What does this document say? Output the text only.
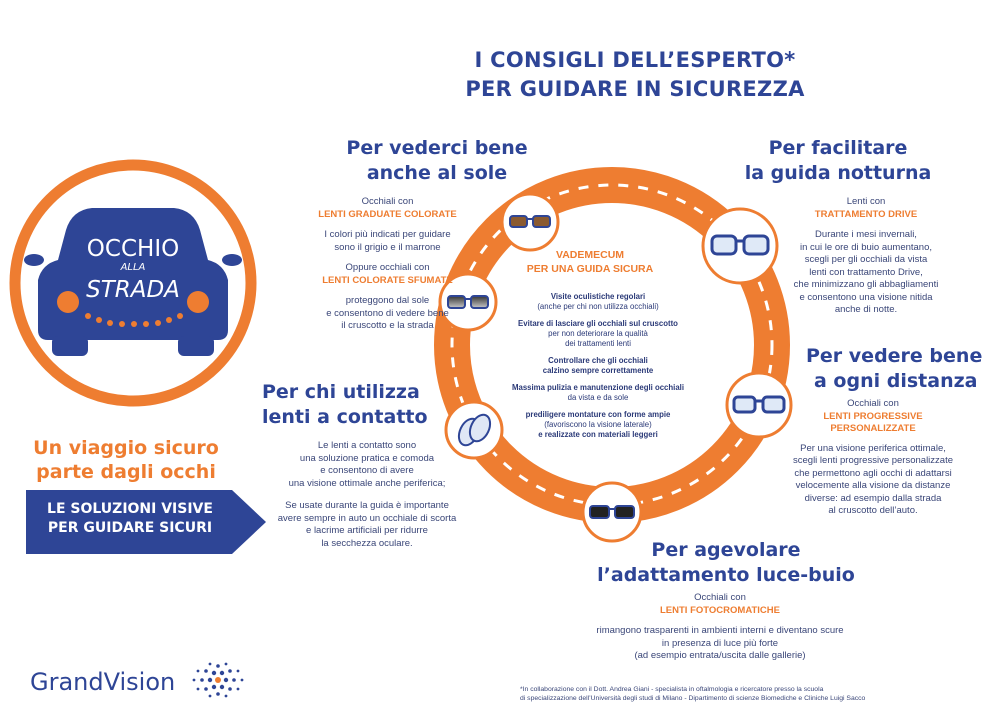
I CONSIGLI DELL’ESPERTO*
PER GUIDARE IN SICUREZZA
OCCHIO
ALLA
STRADA
Un viaggio sicuro
parte dagli occhi
LE SOLUZIONI VISIVE
PER GUIDARE SICURI
GrandVision
VADEMECUM
PER UNA GUIDA SICURA
Visite oculistiche regolari
(anche per chi non utilizza occhiali)
Evitare di lasciare gli occhiali sul cruscotto
per non deteriorare la qualità
dei trattamenti lenti
Controllare che gli occhiali
calzino sempre correttamente
Massima pulizia e manutenzione degli occhiali
da vista e da sole
prediligere montature con forme ampie
(favoriscono la visione laterale)
e realizzate con materiali leggeri
Per vederci bene
anche al sole
Occhiali con
LENTI GRADUATE COLORATE
I colori più indicati per guidare
sono il grigio e il marrone
Oppure occhiali con
LENTI COLORATE SFUMATE
proteggono dal sole
e consentono di vedere bene
il cruscotto e la strada
Per chi utilizza
lenti a contatto
Le lenti a contatto sono
una soluzione pratica e comoda
e consentono di avere
una visione ottimale anche periferica;
Se usate durante la guida è importante
avere sempre in auto un occhiale di scorta
e lacrime artificiali per ridurre
la secchezza oculare.
Per facilitare
la guida notturna
Lenti con
TRATTAMENTO DRIVE
Durante i mesi invernali,
in cui le ore di buio aumentano,
scegli per gli occhiali da vista
lenti con trattamento Drive,
che minimizzano gli abbagliamenti
e consentono una visione nitida
anche di notte.
Per vedere bene
a ogni distanza
Occhiali con
LENTI PROGRESSIVE
PERSONALIZZATE
Per una visione periferica ottimale,
scegli lenti progressive personalizzate
che permettono agli occhi di adattarsi
velocemente alla visione da distanze
diverse: ad esempio dalla strada
al cruscotto dell’auto.
Per agevolare
l’adattamento luce-buio
Occhiali con
LENTI FOTOCROMATICHE
rimangono trasparenti in ambienti interni e diventano scure
in presenza di luce più forte
(ad esempio entrata/uscita dalle gallerie)
*In collaborazione con il Dott. Andrea Giani - specialista in oftalmologia e ricercatore presso la scuola
di specializzazione dell’Università degli studi di Milano - Dipartimento di scienze Biomediche e Cliniche Luigi Sacco
